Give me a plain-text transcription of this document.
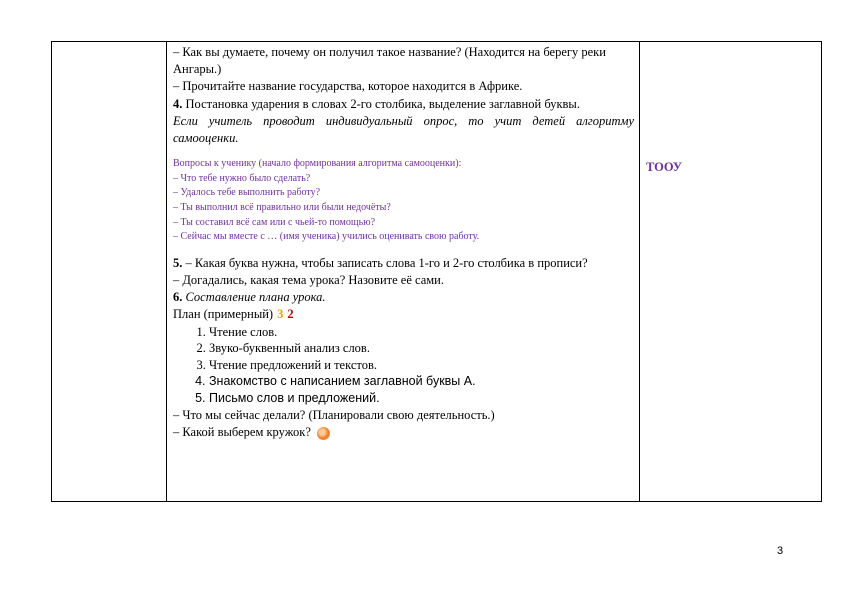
– Как вы думаете, почему он получил такое название? (Находится на берегу реки Ангары.)

– Прочитайте название государства, которое находится в Африке.

4. Постановка ударения в словах 2-го столбика, выделение заглавной буквы.

Если учитель проводит индивидуальный опрос, то учит детей алгоритму самооценки.

Вопросы к ученику (начало формирования алгоритма самооценки):

– Что тебе нужно было сделать?

– Удалось тебе выполнить работу?

– Ты выполнил всё правильно или были недочёты?

– Ты составил всё сам или с чьей-то помощью?

– Сейчас мы вместе с … (имя ученика) учились оценивать свою работу.

5. – Какая буква нужна, чтобы записать слова 1-го и 2-го столбика в прописи?

– Догадались, какая тема урока? Назовите её сами.

6. Составление плана урока.

План (примерный) 3 2

1. Чтение слов.
2. Звуко-буквенный анализ слов.
3. Чтение предложений и текстов.
4. Знакомство с написанием заглавной буквы А.
5. Письмо слов и предложений.

– Что мы сейчас делали? (Планировали свою деятельность.)

– Какой выберем кружок?

ТООУ
3
